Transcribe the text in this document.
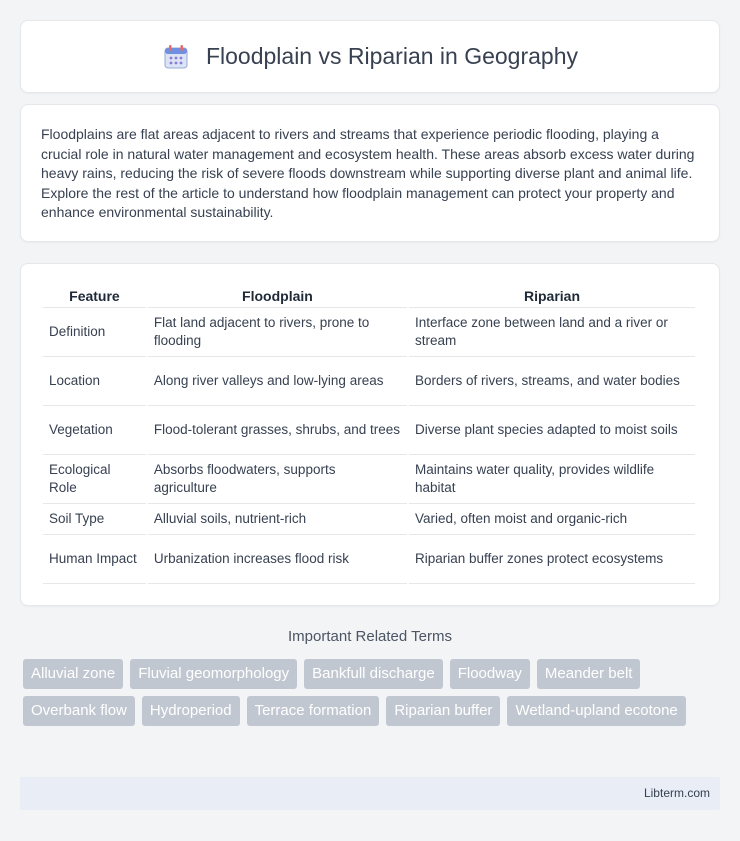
Floodplain vs Riparian in Geography

Floodplains are flat areas adjacent to rivers and streams that experience periodic flooding, playing a crucial role in natural water management and ecosystem health. These areas absorb excess water during heavy rains, reducing the risk of severe floods downstream while supporting diverse plant and animal life. Explore the rest of the article to understand how floodplain management can protect your property and enhance environmental sustainability.

Feature	Floodplain	Riparian
Definition	Flat land adjacent to rivers, prone to flooding	Interface zone between land and a river or stream
Location	Along river valleys and low-lying areas	Borders of rivers, streams, and water bodies
Vegetation	Flood-tolerant grasses, shrubs, and trees	Diverse plant species adapted to moist soils
Ecological Role	Absorbs floodwaters, supports agriculture	Maintains water quality, provides wildlife habitat
Soil Type	Alluvial soils, nutrient-rich	Varied, often moist and organic-rich
Human Impact	Urbanization increases flood risk	Riparian buffer zones protect ecosystems
Important Related Terms
Alluvial zone	Fluvial geomorphology	Bankfull discharge	Floodway	Meander belt
Overbank flow	Hydroperiod	Terrace formation	Riparian buffer	Wetland-upland ecotone
Libterm.com
